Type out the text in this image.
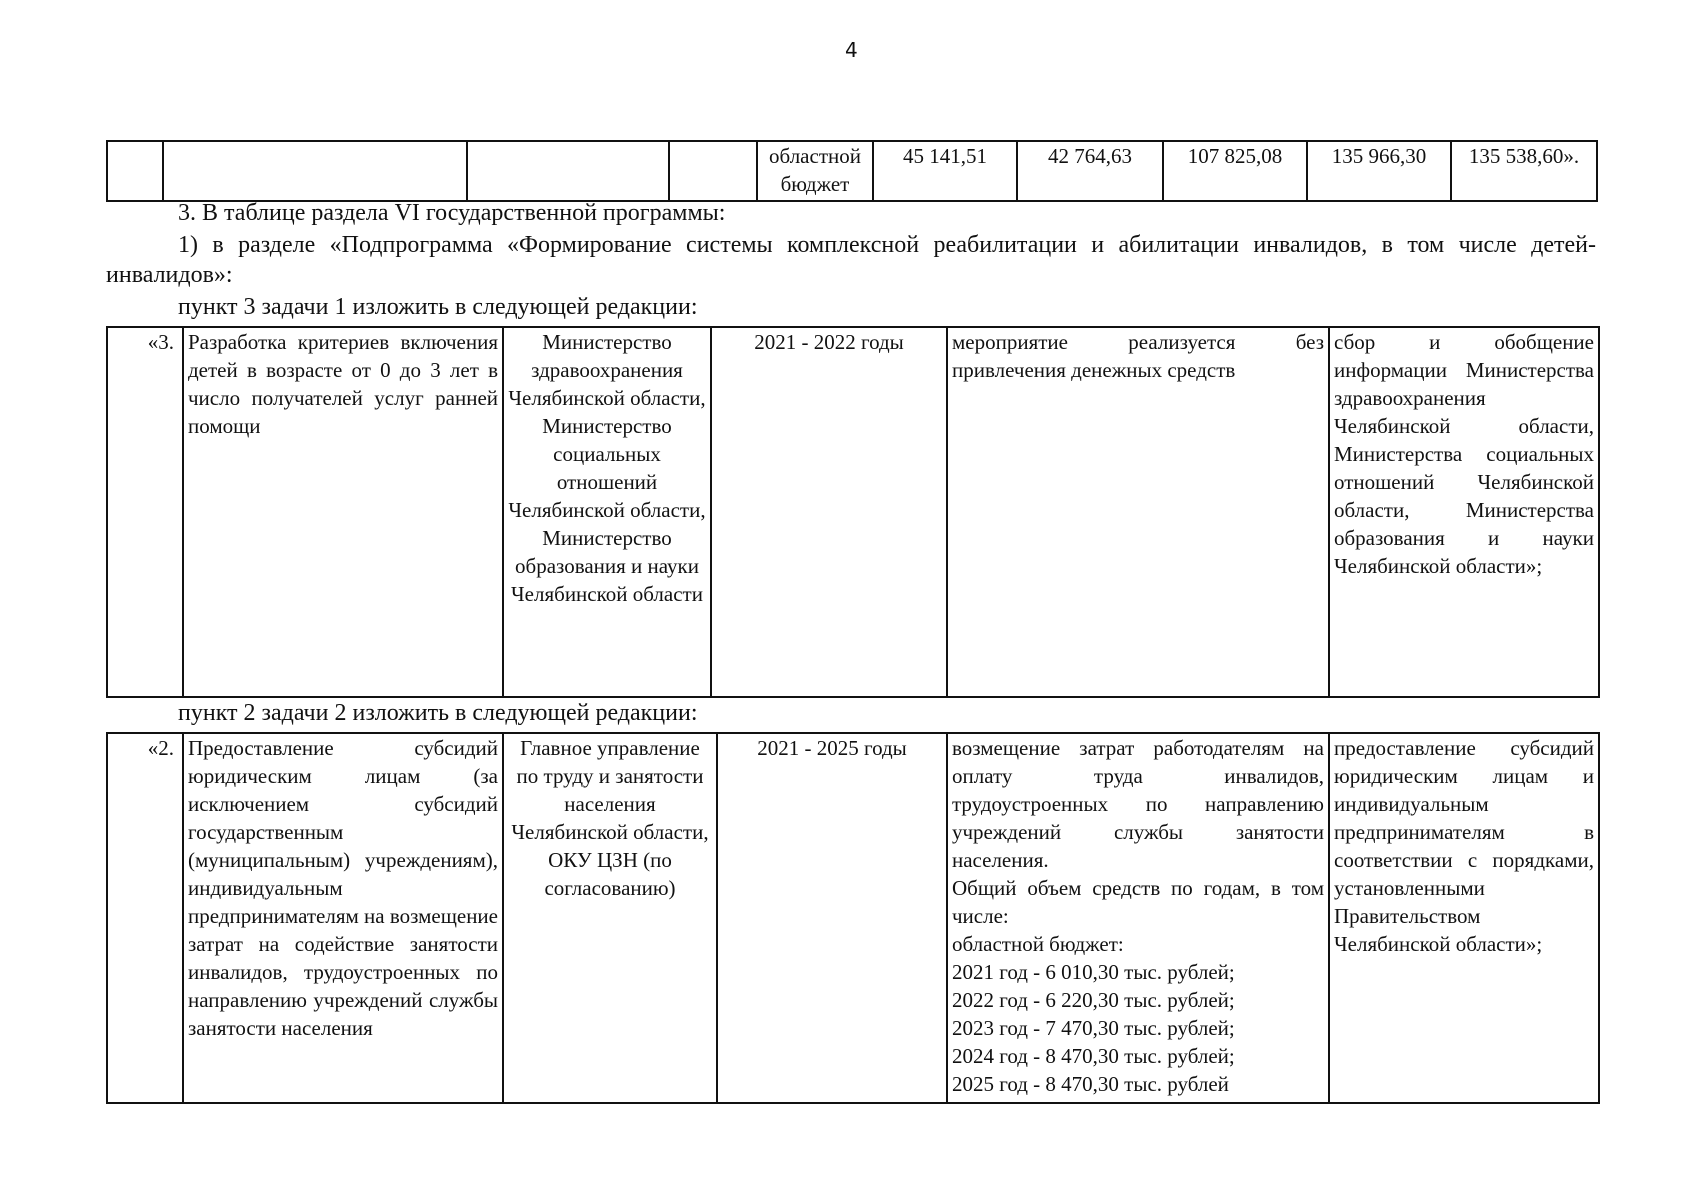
4
				областной бюджет	45 141,51	42 764,63	107 825,08	135 966,30	135 538,60».
3. В таблице раздела VI государственной программы:
1) в разделе «Подпрограмма «Формирование системы комплексной реабилитации и абилитации инвалидов, в том числе детей-инвалидов»:
пункт 3 задачи 1 изложить в следующей редакции:
«3.	Разработка критериев включения детей в возрасте от 0 до 3 лет в число получателей услуг ранней помощи	Министерство здравоохранения Челябинской области, Министерство социальных отношений Челябинской области, Министерство образования и науки Челябинской области	2021 - 2022 годы	мероприятие реализуется без привлечения денежных средств	сбор и обобщение информации Министерства здравоохранения Челябинской области, Министерства социальных отношений Челябинской области, Министерства образования и науки Челябинской области»;
пункт 2 задачи 2 изложить в следующей редакции:
«2.	Предоставление субсидий юридическим лицам (за исключением субсидий государственным (муниципальным) учреждениям), индивидуальным предпринимателям на возмещение затрат на содействие занятости инвалидов, трудоустроенных по направлению учреждений службы занятости населения	Главное управление по труду и занятости населения Челябинской области, ОКУ ЦЗН (по согласованию)	2021 - 2025 годы	возмещение затрат работодателям на оплату труда инвалидов, трудоустроенных по направлению учреждений службы занятости населения.
Общий объем средств по годам, в том числе:
областной бюджет:
2021 год - 6 010,30 тыс. рублей;
2022 год - 6 220,30 тыс. рублей;
2023 год - 7 470,30 тыс. рублей;
2024 год - 8 470,30 тыс. рублей;
2025 год - 8 470,30 тыс. рублей
	предоставление субсидий юридическим лицам и индивидуальным предпринимателям в соответствии с порядками, установленными Правительством Челябинской области»;
